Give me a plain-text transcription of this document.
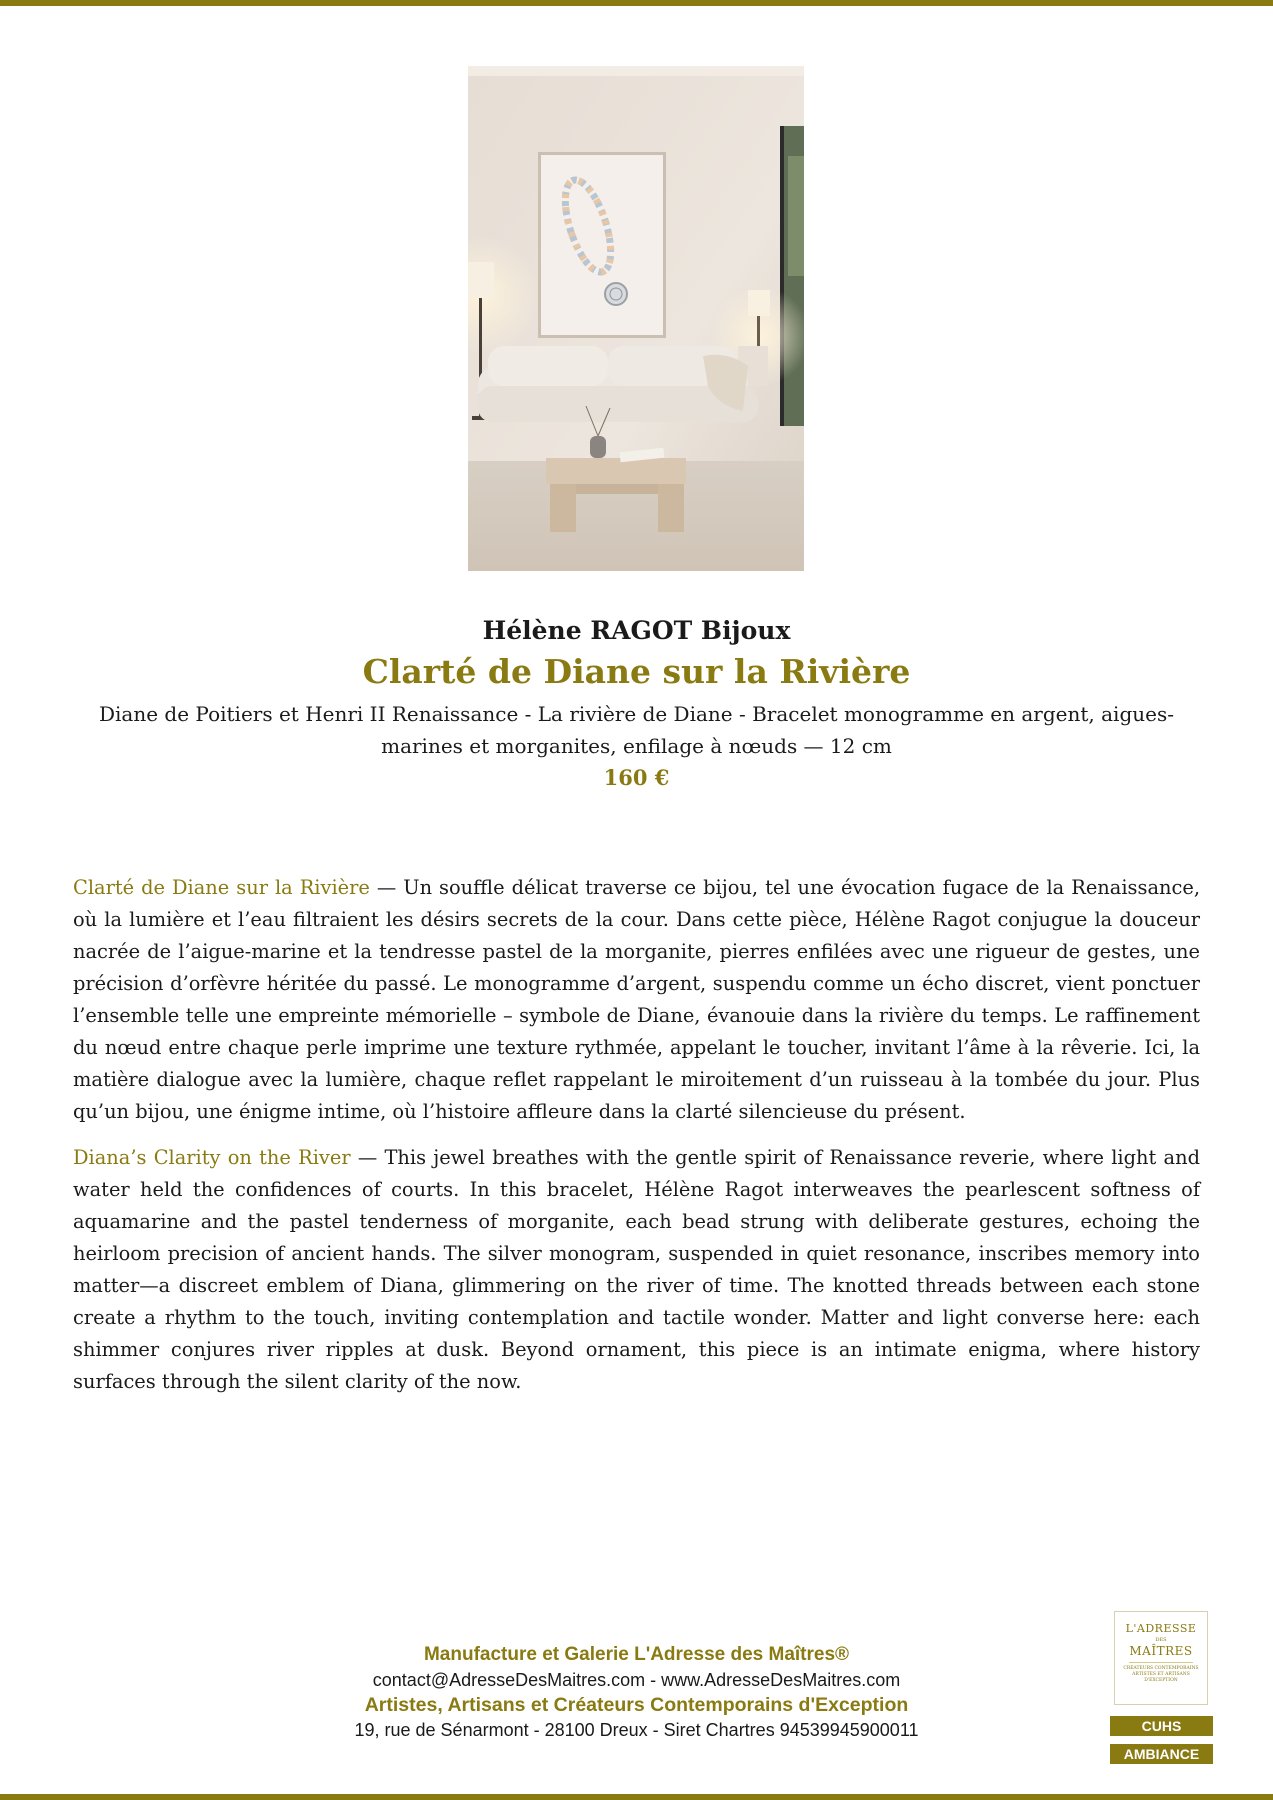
Hélène RAGOT Bijoux
Clarté de Diane sur la Rivière
Diane de Poitiers et Henri II Renaissance - La rivière de Diane - Bracelet monogramme en argent, aigues-marines et morganites, enfilage à nœuds — 12 cm
160 €

Clarté de Diane sur la Rivière — Un souffle délicat traverse ce bijou, tel une évocation fugace de la Renaissance, où la lumière et l’eau filtraient les désirs secrets de la cour. Dans cette pièce, Hélène Ragot conjugue la douceur nacrée de l’aigue-marine et la tendresse pastel de la morganite, pierres enfilées avec une rigueur de gestes, une précision d’orfèvre héritée du passé. Le monogramme d’argent, suspendu comme un écho discret, vient ponctuer l’ensemble telle une empreinte mémorielle – symbole de Diane, évanouie dans la rivière du temps. Le raffinement du nœud entre chaque perle imprime une texture rythmée, appelant le toucher, invitant l’âme à la rêverie. Ici, la matière dialogue avec la lumière, chaque reflet rappelant le miroitement d’un ruisseau à la tombée du jour. Plus qu’un bijou, une énigme intime, où l’histoire affleure dans la clarté silencieuse du présent.

Diana’s Clarity on the River — This jewel breathes with the gentle spirit of Renaissance reverie, where light and water held the confidences of courts. In this bracelet, Hélène Ragot interweaves the pearlescent softness of aquamarine and the pastel tenderness of morganite, each bead strung with deliberate gestures, echoing the heirloom precision of ancient hands. The silver monogram, suspended in quiet resonance, inscribes memory into matter—a discreet emblem of Diana, glimmering on the river of time. The knotted threads between each stone create a rhythm to the touch, inviting contemplation and tactile wonder. Matter and light converse here: each shimmer conjures river ripples at dusk. Beyond ornament, this piece is an intimate enigma, where history surfaces through the silent clarity of the now.

Manufacture et Galerie L'Adresse des Maîtres®
contact@AdresseDesMaitres.com - www.AdresseDesMaitres.com
Artistes, Artisans et Créateurs Contemporains d'Exception
19, rue de Sénarmont - 28100 Dreux - Siret Chartres 94539945900011
L'ADRESSE
DES
MAÎTRES
CRÉATEURS CONTEMPORAINS ARTISTES ET ARTISANS D'EXCEPTION
CUHS
AMBIANCE
